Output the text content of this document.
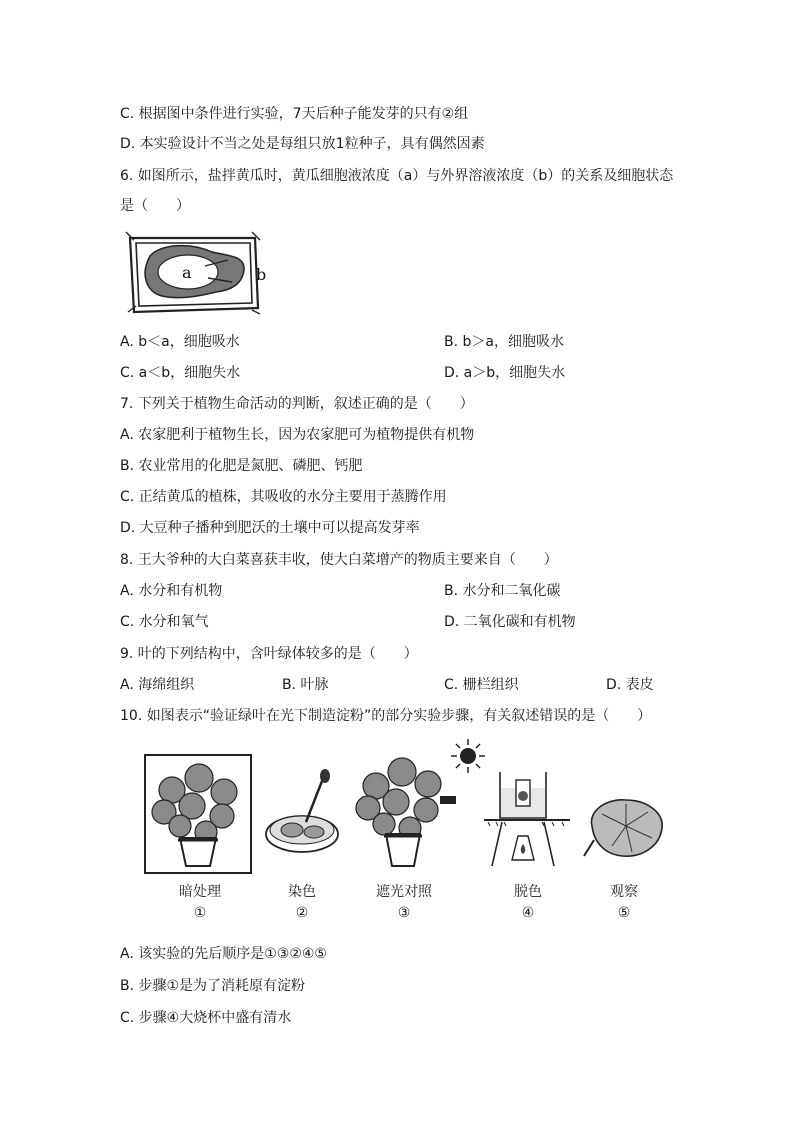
C. 根据图中条件进行实验，7天后种子能发芽的只有②组
D. 本实验设计不当之处是每组只放1粒种子，具有偶然因素
6. 如图所示，盐拌黄瓜时，黄瓜细胞液浓度（a）与外界溶液浓度（b）的关系及细胞状态
是（　　）
a	b
A. b＜a，细胞吸水	B. b＞a，细胞吸水
C. a＜b，细胞失水	D. a＞b，细胞失水
7. 下列关于植物生命活动的判断，叙述正确的是（　　）
A. 农家肥利于植物生长，因为农家肥可为植物提供有机物
B. 农业常用的化肥是氮肥、磷肥、钙肥
C. 正结黄瓜的植株，其吸收的水分主要用于蒸腾作用
D. 大豆种子播种到肥沃的土壤中可以提高发芽率
8. 王大爷种的大白菜喜获丰收，使大白菜增产的物质主要来自（　　）
A. 水分和有机物	B. 水分和二氧化碳
C. 水分和氧气	D. 二氧化碳和有机物
9. 叶的下列结构中，含叶绿体较多的是（　　）
A. 海绵组织	B. 叶脉	C. 栅栏组织	D. 表皮
10. 如图表示“验证绿叶在光下制造淀粉”的部分实验步骤，有关叙述错误的是（　　）
暗处理
①
染色
②
遮光对照
③
脱色
④
观察
⑤
A. 该实验的先后顺序是①③②④⑤
B. 步骤①是为了消耗原有淀粉
C. 步骤④大烧杯中盛有清水
